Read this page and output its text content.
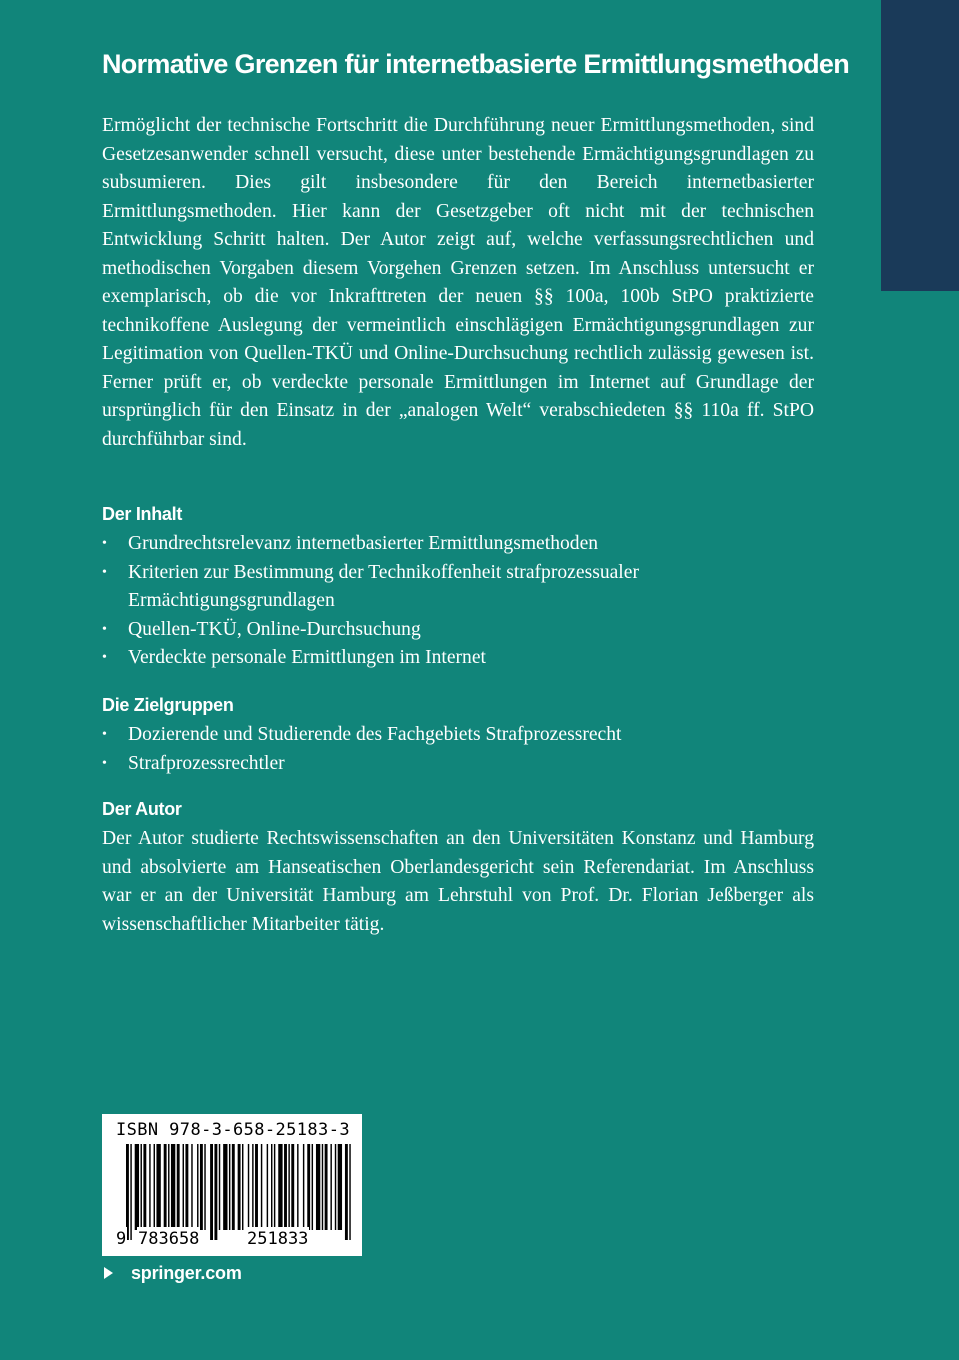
Normative Grenzen für internetbasierte Ermittlungsmethoden

Ermöglicht der technische Fortschritt die Durchführung neuer Ermittlungsmethoden, sind Gesetzesanwender schnell versucht, diese unter bestehende Ermächtigungsgrundlagen zu subsumieren. Dies gilt insbesondere für den Bereich internetbasierter Ermittlungsmethoden. Hier kann der Gesetzgeber oft nicht mit der technischen Entwicklung Schritt halten. Der Autor zeigt auf, welche verfassungsrechtlichen und methodischen Vorgaben diesem Vorgehen Grenzen setzen. Im Anschluss untersucht er exemplarisch, ob die vor Inkrafttreten der neuen §§ 100a, 100b StPO praktizierte technikoffene Auslegung der vermeintlich einschlägigen Ermächtigungsgrundlagen zur Legitimation von Quellen-TKÜ und Online-Durchsuchung rechtlich zulässig gewesen ist. Ferner prüft er, ob verdeckte personale Ermittlungen im Internet auf Grundlage der ursprünglich für den Einsatz in der „analogen Welt“ verabschiedeten §§ 110a ff. StPO durchführbar sind.

Der Inhalt
• Grundrechtsrelevanz internetbasierter Ermittlungsmethoden
• Kriterien zur Bestimmung der Technikoffenheit strafprozessualer Ermächtigungsgrundlagen
• Quellen-TKÜ, Online-Durchsuchung
• Verdeckte personale Ermittlungen im Internet
Die Zielgruppen
• Dozierende und Studierende des Fachgebiets Strafprozessrecht
• Strafprozessrechtler
Der Autor

Der Autor studierte Rechtswissenschaften an den Universitäten Konstanz und Hamburg und absolvierte am Hanseatischen Oberlandesgericht sein Referendariat. Im Anschluss war er an der Universität Hamburg am Lehrstuhl von Prof. Dr. Florian Jeßberger als wissenschaftlicher Mitarbeiter tätig.

ISBN 978-3-658-25183-3
9 783658	251833
springer.com
